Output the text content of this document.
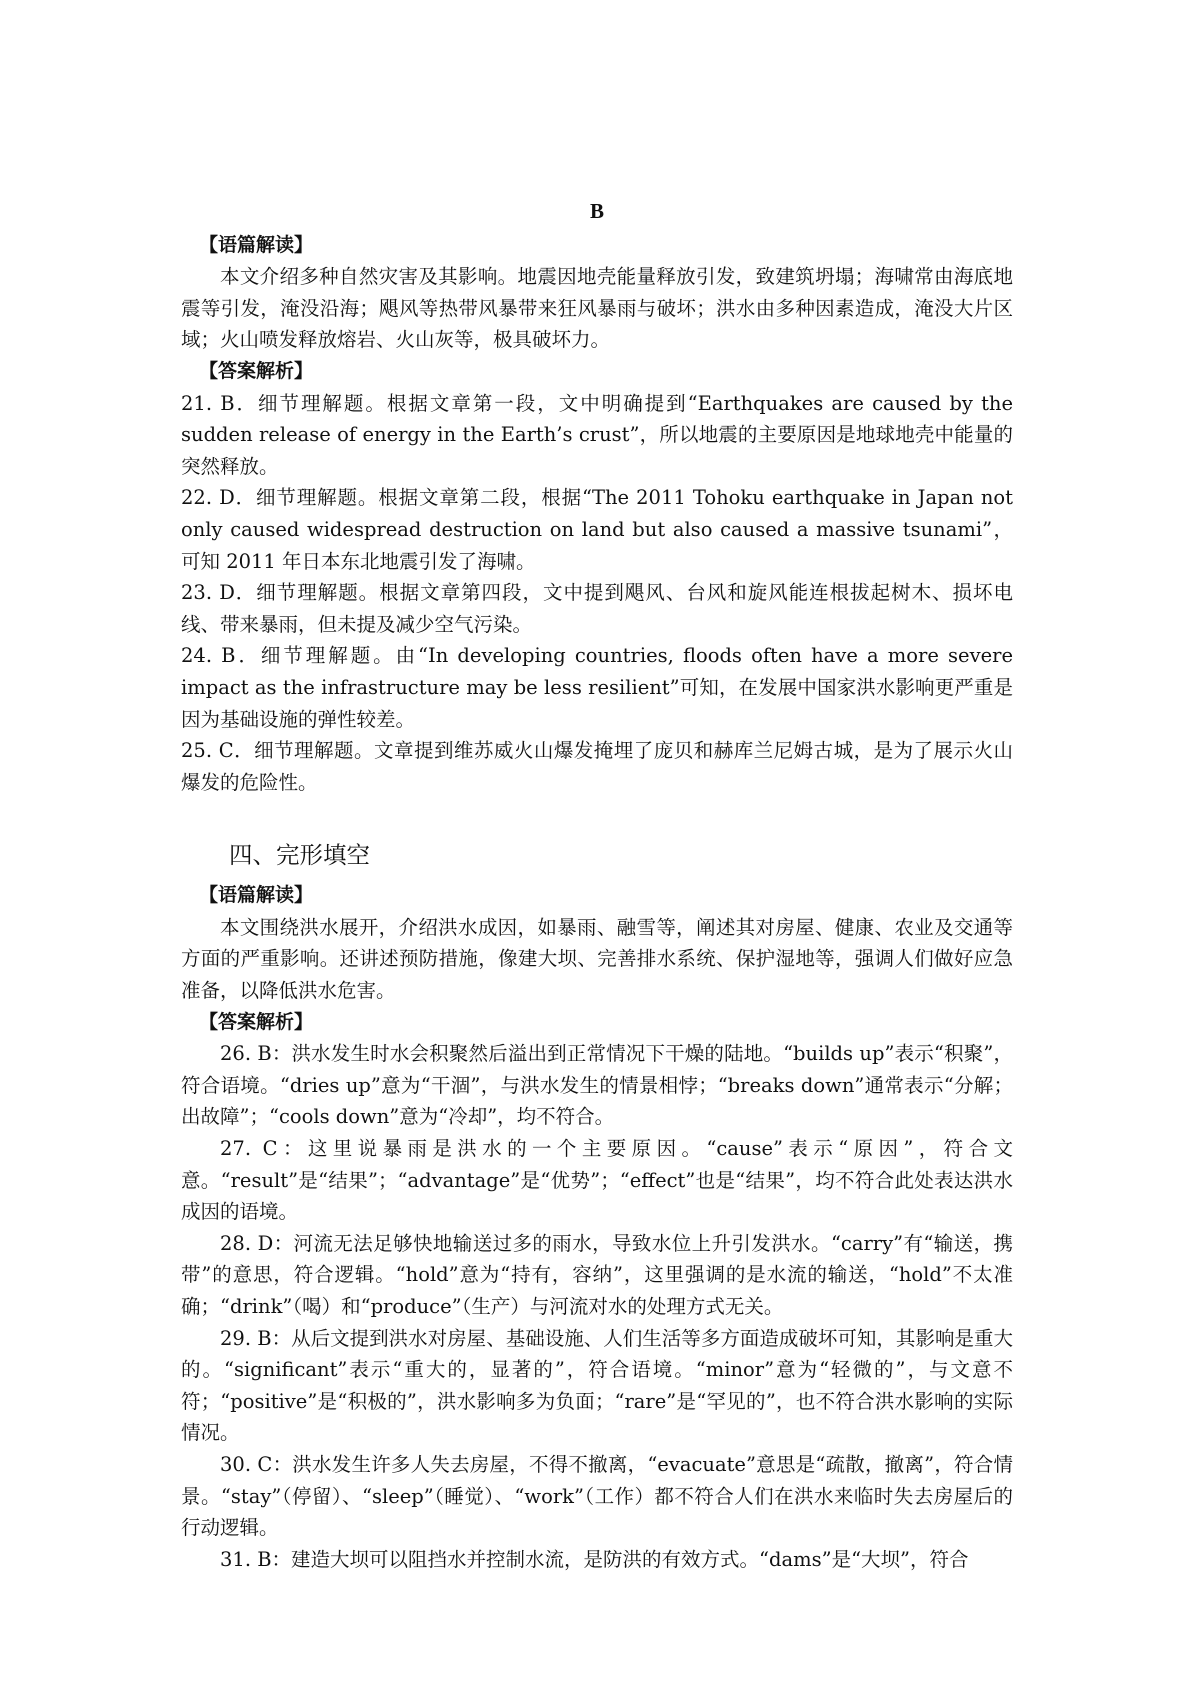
B

【语篇解读】

本文介绍多种自然灾害及其影响。地震因地壳能量释放引发，致建筑坍塌；海啸常由海底地震等引发，淹没沿海；飓风等热带风暴带来狂风暴雨与破坏；洪水由多种因素造成，淹没大片区域；火山喷发释放熔岩、火山灰等，极具破坏力。

【答案解析】

21. B．细节理解题。根据文章第一段，文中明确提到“Earthquakes are caused by the sudden release of energy in the Earth’s crust”，所以地震的主要原因是地球地壳中能量的突然释放。

22. D．细节理解题。根据文章第二段，根据“The 2011 Tohoku earthquake in Japan not only caused widespread destruction on land but also caused a massive tsunami”，可知 2011 年日本东北地震引发了海啸。

23. D．细节理解题。根据文章第四段，文中提到飓风、台风和旋风能连根拔起树木、损坏电线、带来暴雨，但未提及减少空气污染。

24. B．细节理解题。由“In developing countries, floods often have a more severe impact as the infrastructure may be less resilient”可知，在发展中国家洪水影响更严重是因为基础设施的弹性较差。

25. C．细节理解题。文章提到维苏威火山爆发掩埋了庞贝和赫库兰尼姆古城，是为了展示火山爆发的危险性。

四、完形填空

【语篇解读】

本文围绕洪水展开，介绍洪水成因，如暴雨、融雪等，阐述其对房屋、健康、农业及交通等方面的严重影响。还讲述预防措施，像建大坝、完善排水系统、保护湿地等，强调人们做好应急准备，以降低洪水危害。

【答案解析】

26. B：洪水发生时水会积聚然后溢出到正常情况下干燥的陆地。“builds up”表示“积聚”，符合语境。“dries up”意为“干涸”，与洪水发生的情景相悖；“breaks down”通常表示“分解；出故障”；“cools down”意为“冷却”，均不符合。

27. C：这里说暴雨是洪水的一个主要原因。“cause”表示“原因”，符合文意。“result”是“结果”；“advantage”是“优势”；“effect”也是“结果”，均不符合此处表达洪水成因的语境。

28. D：河流无法足够快地输送过多的雨水，导致水位上升引发洪水。“carry”有“输送，携带”的意思，符合逻辑。“hold”意为“持有，容纳”，这里强调的是水流的输送，“hold”不太准确；“drink”（喝）和“produce”（生产）与河流对水的处理方式无关。

29. B：从后文提到洪水对房屋、基础设施、人们生活等多方面造成破坏可知，其影响是重大的。“significant”表示“重大的，显著的”，符合语境。“minor”意为“轻微的”，与文意不符；“positive”是“积极的”，洪水影响多为负面；“rare”是“罕见的”，也不符合洪水影响的实际情况。

30. C：洪水发生许多人失去房屋，不得不撤离，“evacuate”意思是“疏散，撤离”，符合情景。“stay”（停留）、“sleep”（睡觉）、“work”（工作）都不符合人们在洪水来临时失去房屋后的行动逻辑。

31. B：建造大坝可以阻挡水并控制水流，是防洪的有效方式。“dams”是“大坝”，符合
